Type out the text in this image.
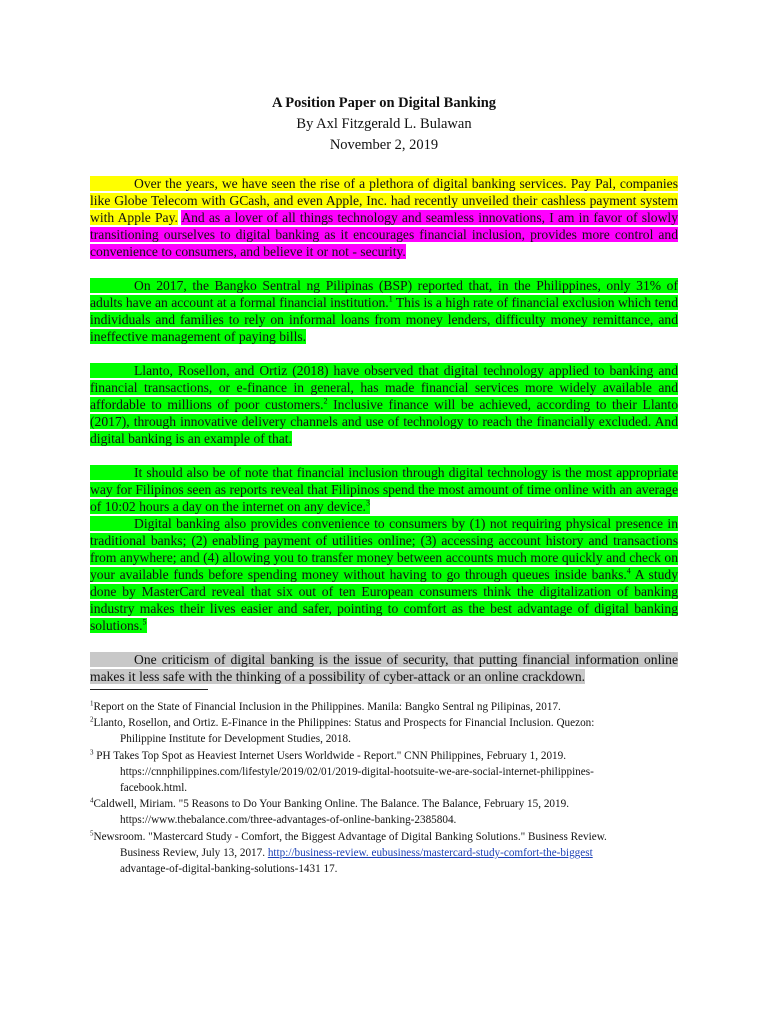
A Position Paper on Digital Banking
By Axl Fitzgerald L. Bulawan
November 2, 2019

Over the years, we have seen the rise of a plethora of digital banking services. Pay Pal, companies like Globe Telecom with GCash, and even Apple, Inc. had recently unveiled their cashless payment system with Apple Pay. And as a lover of all things technology and seamless innovations, I am in favor of slowly transitioning ourselves to digital banking as it encourages financial inclusion, provides more control and convenience to consumers, and believe it or not - security.

On 2017, the Bangko Sentral ng Pilipinas (BSP) reported that, in the Philippines, only 31% of adults have an account at a formal financial institution.$^1$ This is a high rate of financial exclusion which tend individuals and families to rely on informal loans from money lenders, difficulty money remittance, and ineffective management of paying bills.

Llanto, Rosellon, and Ortiz (2018) have observed that digital technology applied to banking and financial transactions, or e-finance in general, has made financial services more widely available and affordable to millions of poor customers.$^2$ Inclusive finance will be achieved, according to their Llanto (2017), through innovative delivery channels and use of technology to reach the financially excluded. And digital banking is an example of that.

It should also be of note that financial inclusion through digital technology is the most appropriate way for Filipinos seen as reports reveal that Filipinos spend the most amount of time online with an average of 10:02 hours a day on the internet on any device.$^3$

Digital banking also provides convenience to consumers by (1) not requiring physical presence in traditional banks; (2) enabling payment of utilities online; (3) accessing account history and transactions from anywhere; and (4) allowing you to transfer money between accounts much more quickly and check on your available funds before spending money without having to go through queues inside banks.$^4$ A study done by MasterCard reveal that six out of ten European consumers think the digitalization of banking industry makes their lives easier and safer, pointing to comfort as the best advantage of digital banking solutions.$^5$

One criticism of digital banking is the issue of security, that putting financial information online makes it less safe with the thinking of a possibility of cyber-attack or an online crackdown.

$^1$Report on the State of Financial Inclusion in the Philippines. Manila: Bangko Sentral ng Pilipinas, 2017.
$^2$Llanto, Rosellon, and Ortiz. E-Finance in the Philippines: Status and Prospects for Financial Inclusion. Quezon:
Philippine Institute for Development Studies, 2018.
$^3$ PH Takes Top Spot as Heaviest Internet Users Worldwide - Report." CNN Philippines, February 1, 2019.
https://cnnphilippines.com/lifestyle/2019/02/01/2019-digital-hootsuite-we-are-social-internet-philippines-
facebook.html.
$^4$Caldwell, Miriam. "5 Reasons to Do Your Banking Online. The Balance. The Balance, February 15, 2019.
https://www.thebalance.com/three-advantages-of-online-banking-2385804.
$^5$Newsroom. "Mastercard Study - Comfort, the Biggest Advantage of Digital Banking Solutions." Business Review.
Business Review, July 13, 2017. http://business-review. eubusiness/mastercard-study-comfort-the-biggest
advantage-of-digital-banking-solutions-1431 17.
